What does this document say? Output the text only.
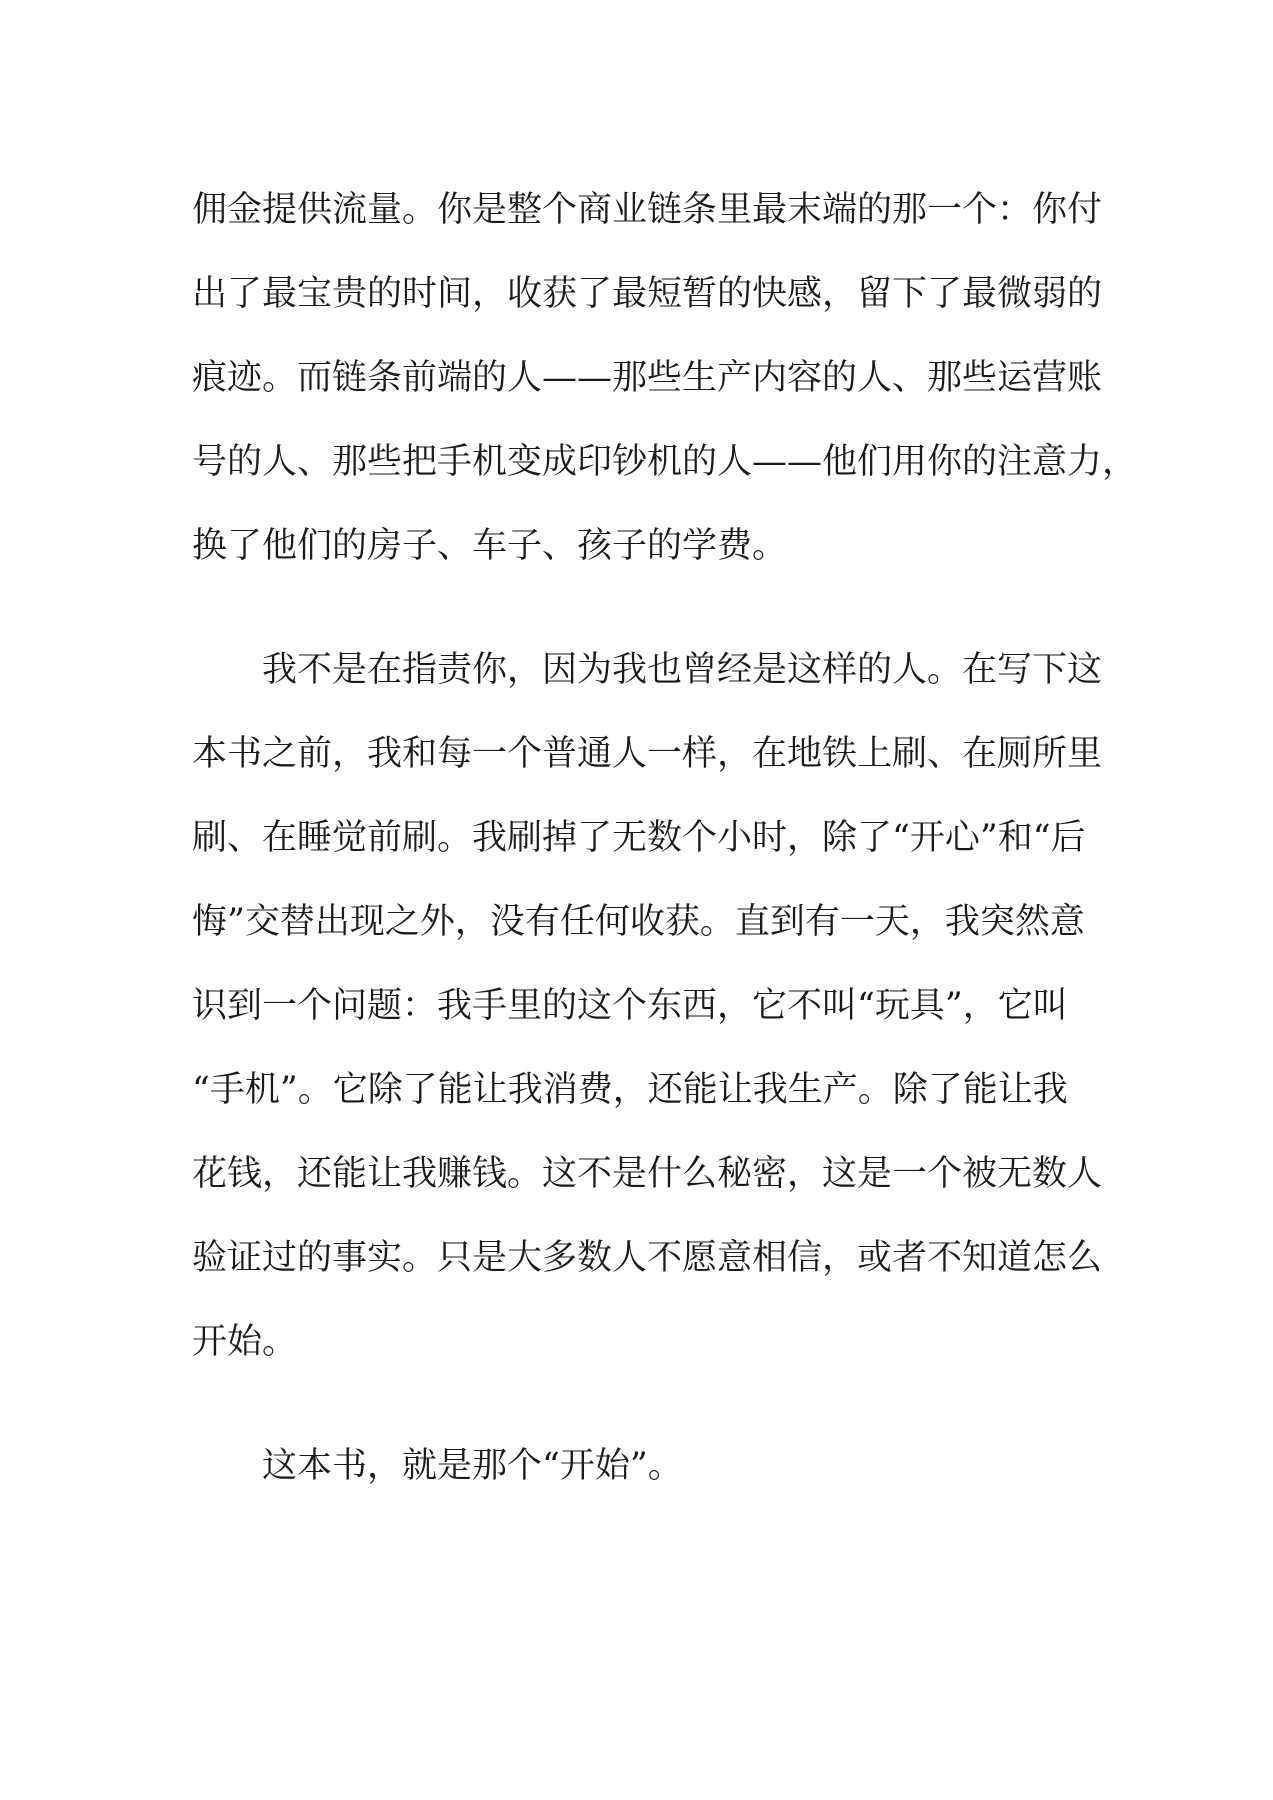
佣金提供流量。你是整个商业链条里最末端的那一个：你付
出了最宝贵的时间，收获了最短暂的快感，留下了最微弱的
痕迹。而链条前端的人——那些生产内容的人、那些运营账
号的人、那些把手机变成印钞机的人——他们用你的注意力，
换了他们的房子、车子、孩子的学费。
我不是在指责你，因为我也曾经是这样的人。在写下这
本书之前，我和每一个普通人一样，在地铁上刷、在厕所里
刷、在睡觉前刷。我刷掉了无数个小时，除了“开心”和“后
悔”交替出现之外，没有任何收获。直到有一天，我突然意
识到一个问题：我手里的这个东西，它不叫“玩具”，它叫
“手机”。它除了能让我消费，还能让我生产。除了能让我
花钱，还能让我赚钱。这不是什么秘密，这是一个被无数人
验证过的事实。只是大多数人不愿意相信，或者不知道怎么
开始。
这本书，就是那个“开始”。
